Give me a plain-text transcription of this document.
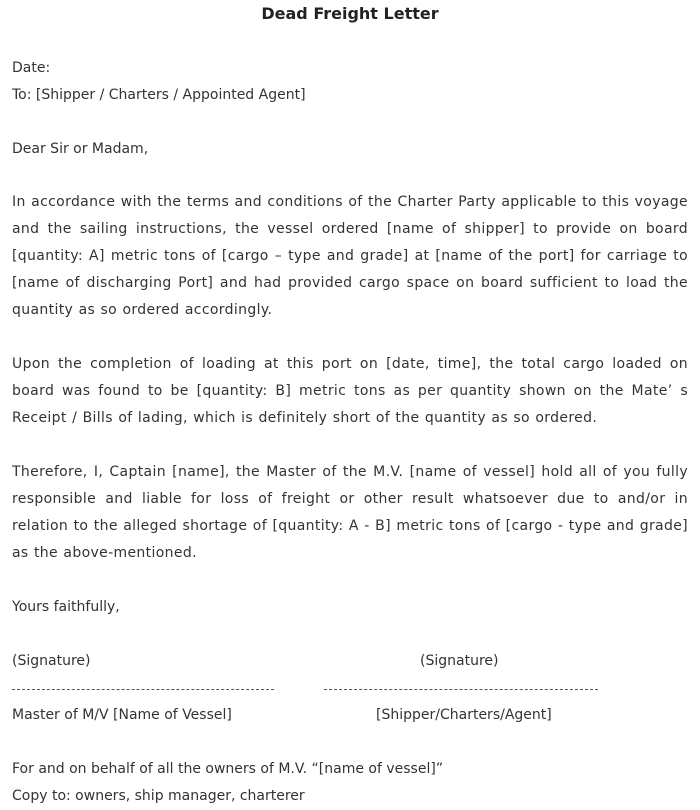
Dead Freight Letter
Date:
To: [Shipper / Charters / Appointed Agent]
Dear Sir or Madam,
In accordance with the terms and conditions of the Charter Party applicable to this voyage and the sailing instructions, the vessel ordered [name of shipper] to provide on board [quantity: A] metric tons of [cargo – type and grade] at [name of the port] for carriage to [name of discharging Port] and had provided cargo space on board sufficient to load the quantity as so ordered accordingly.
Upon the completion of loading at this port on [date, time], the total cargo loaded on board was found to be [quantity: B] metric tons as per quantity shown on the Mate’ s Receipt / Bills of lading, which is definitely short of the quantity as so ordered.
Therefore, I, Captain [name], the Master of the M.V. [name of vessel] hold all of you fully responsible and liable for loss of freight or other result whatsoever due to and/or in relation to the alleged shortage of [quantity: A - B] metric tons of [cargo - type and grade] as the above-mentioned.
Yours faithfully,
(Signature)	(Signature)
Master of M/V [Name of Vessel]	[Shipper/Charters/Agent]
For and on behalf of all the owners of M.V. “[name of vessel]”
Copy to: owners, ship manager, charterer
